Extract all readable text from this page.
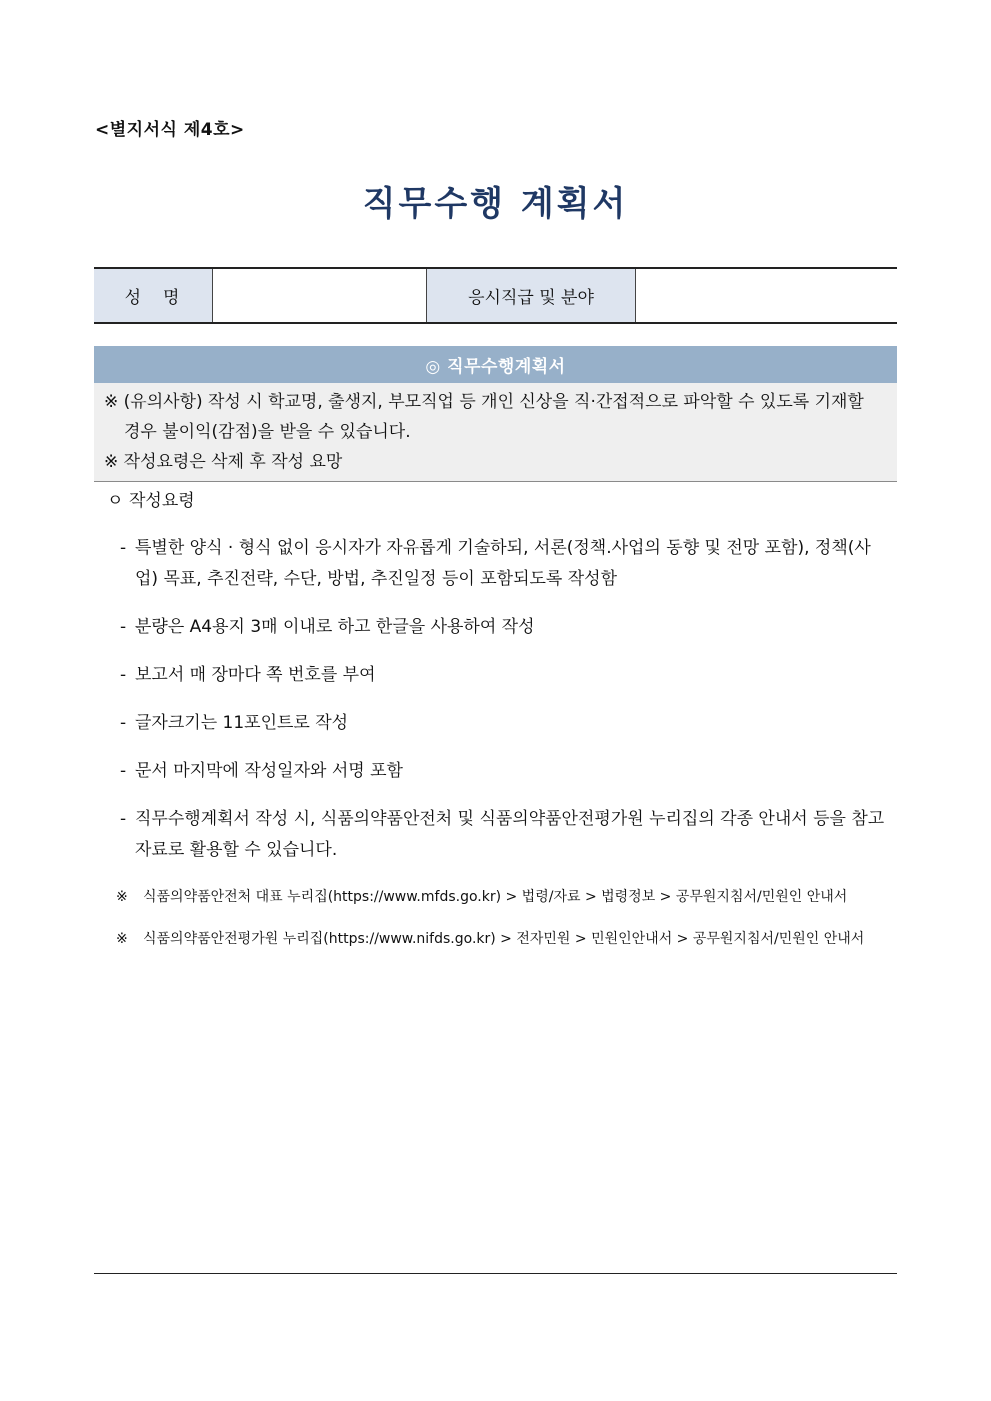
<별지서식 제4호>
직무수행 계획서
성명	응시직급 및 분야
◎ 직무수행계획서
※ (유의사항) 작성 시 학교명, 출생지, 부모직업 등 개인 신상을 직·간접적으로 파악할 수 있도록 기재할
경우 불이익(감점)을 받을 수 있습니다.
※ 작성요령은 삭제 후 작성 요망
ㅇ 작성요령
- 특별한 양식 · 형식 없이 응시자가 자유롭게 기술하되, 서론(정책.사업의 동향 및 전망 포함), 정책(사업) 목표, 추진전략, 수단, 방법, 추진일정 등이 포함되도록 작성함
- 분량은 A4용지 3매 이내로 하고 한글을 사용하여 작성
- 보고서 매 장마다 쪽 번호를 부여
- 글자크기는 11포인트로 작성
- 문서 마지막에 작성일자와 서명 포함
- 직무수행계획서 작성 시, 식품의약품안전처 및 식품의약품안전평가원 누리집의 각종 안내서 등을 참고자료로 활용할 수 있습니다.
※ 식품의약품안전처 대표 누리집(https://www.mfds.go.kr) > 법령/자료 > 법령정보 > 공무원지침서/민원인 안내서
※ 식품의약품안전평가원 누리집(https://www.nifds.go.kr) > 전자민원 > 민원인안내서 > 공무원지침서/민원인 안내서
